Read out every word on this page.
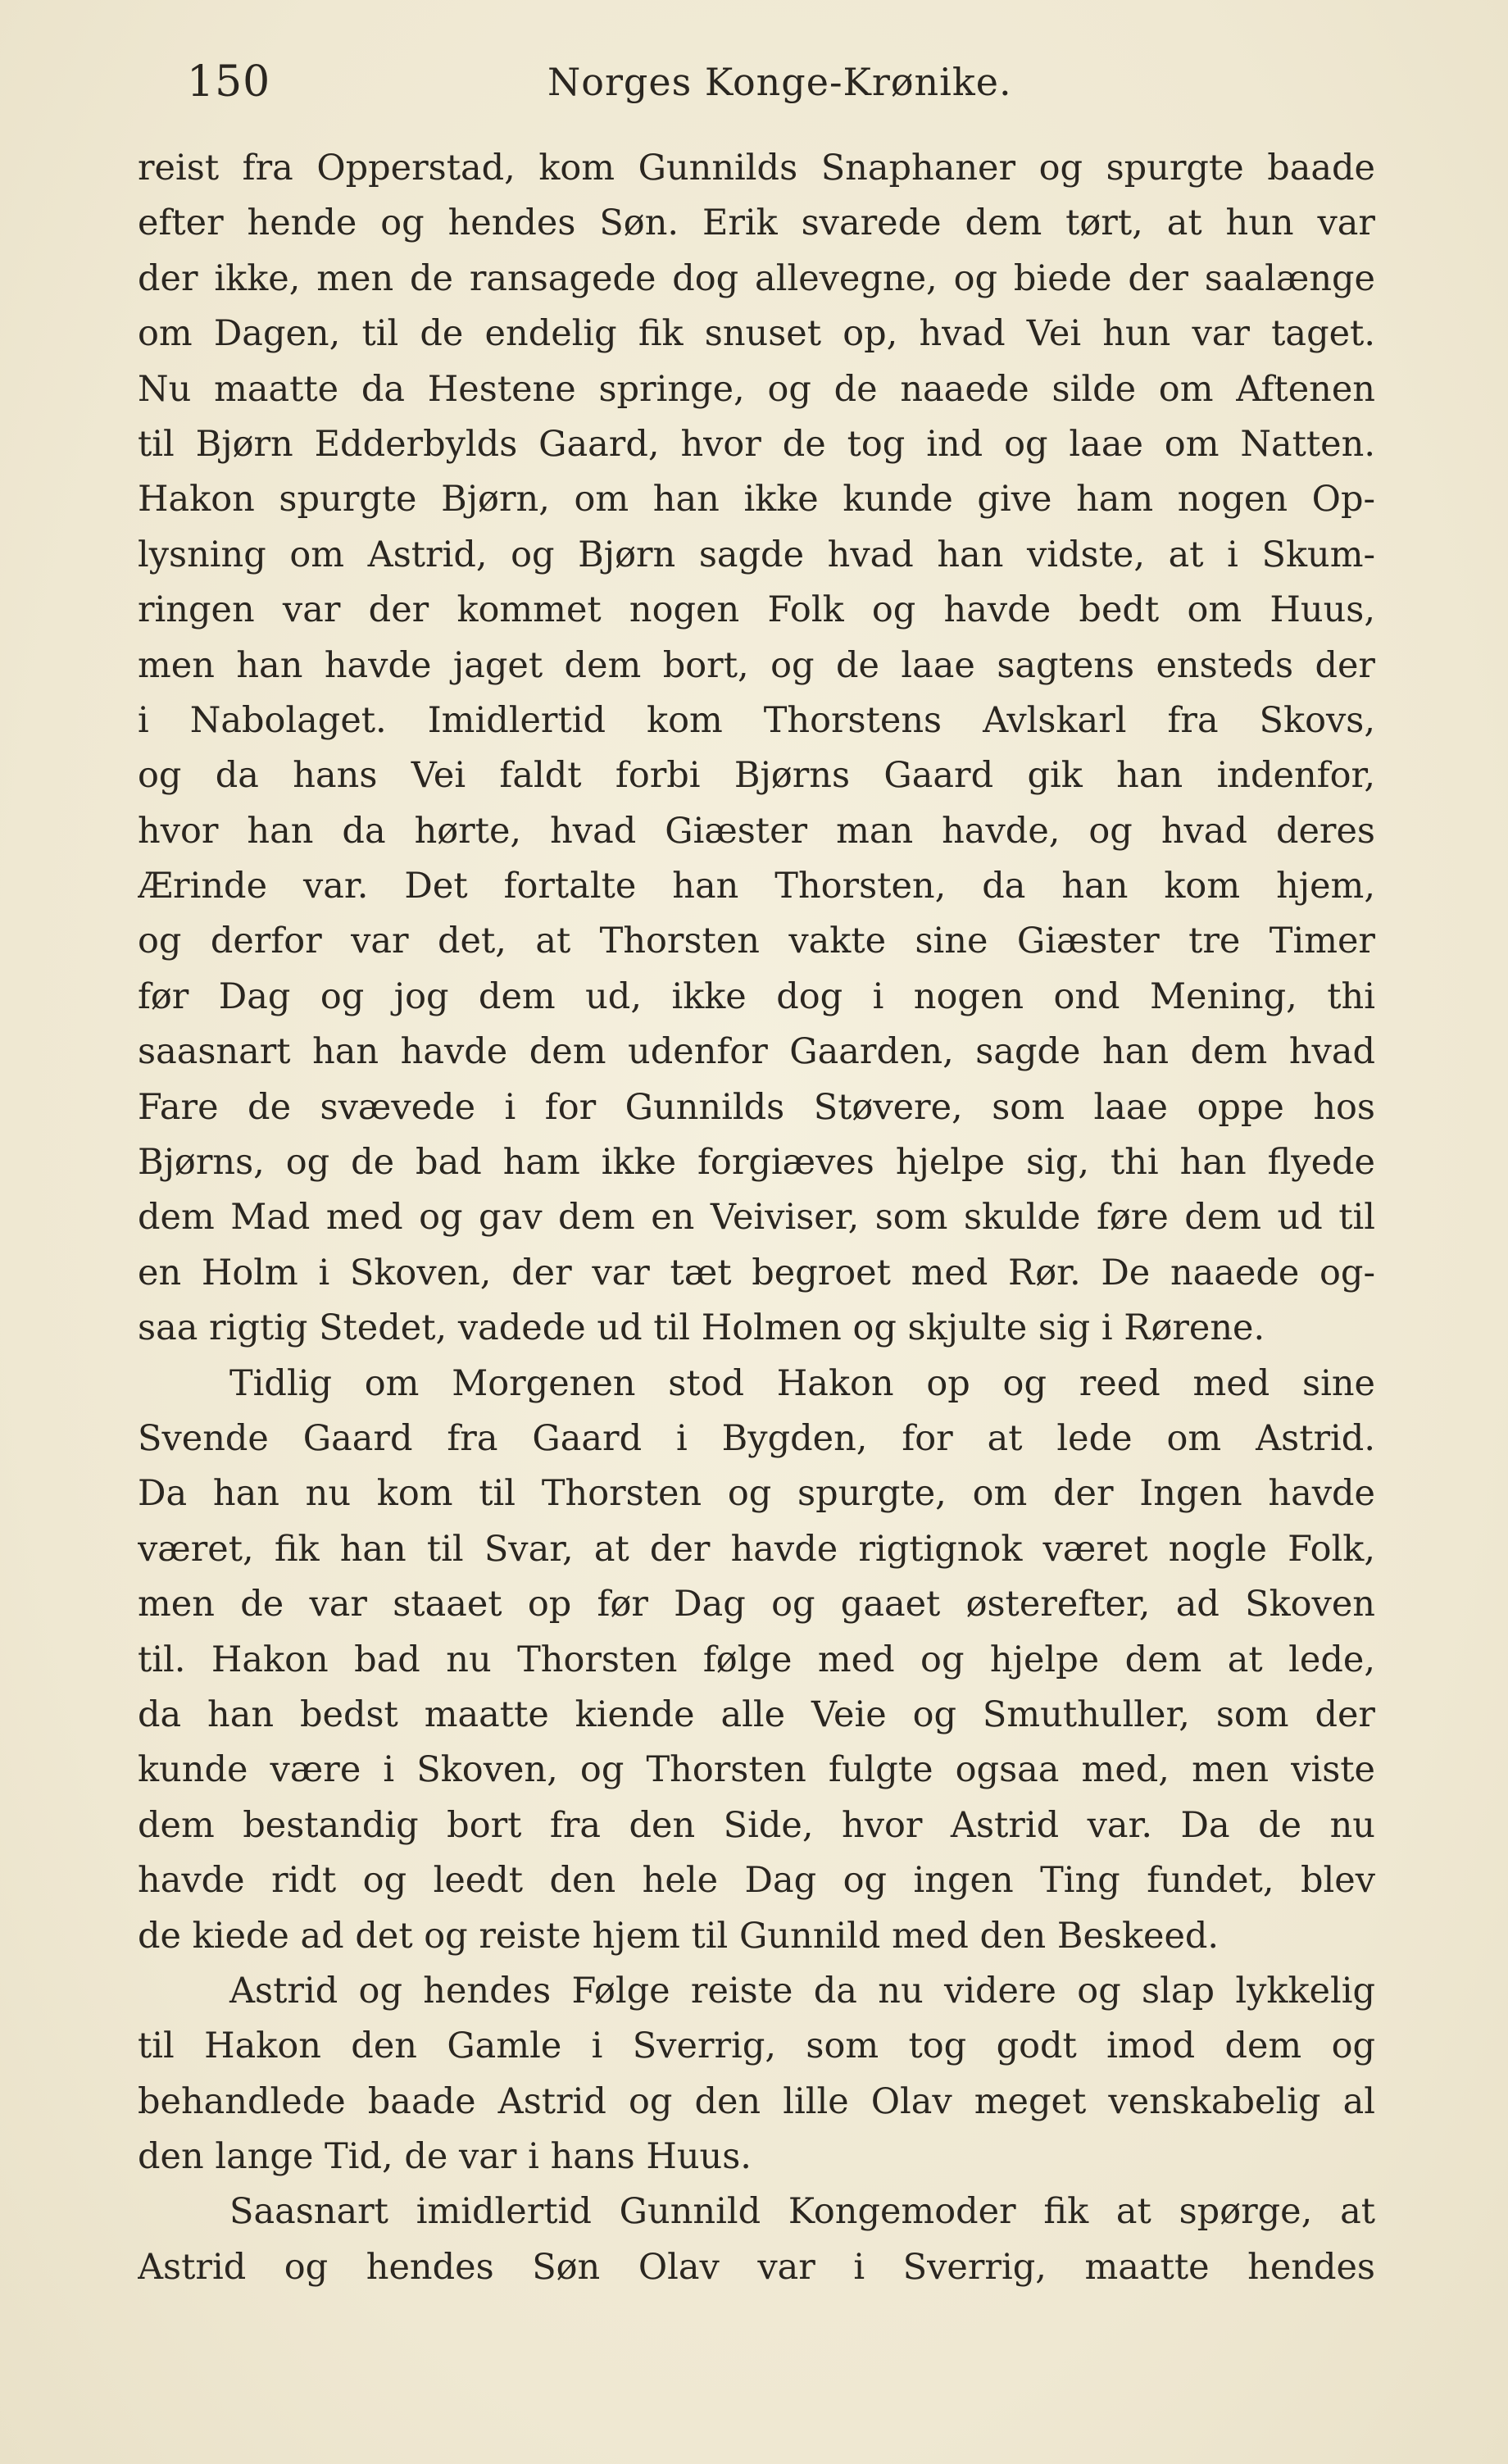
150	Norges Konge-Krønike.
reist fra Opperstad, kom Gunnilds Snaphaner og spurgte baade
efter hende og hendes Søn. Erik svarede dem tørt, at hun var
der ikke, men de ransagede dog allevegne, og biede der saalænge
om Dagen, til de endelig fik snuset op, hvad Vei hun var taget.
Nu maatte da Hestene springe, og de naaede silde om Aftenen
til Bjørn Edderbylds Gaard, hvor de tog ind og laae om Natten.
Hakon spurgte Bjørn, om han ikke kunde give ham nogen Op-
lysning om Astrid, og Bjørn sagde hvad han vidste, at i Skum-
ringen var der kommet nogen Folk og havde bedt om Huus,
men han havde jaget dem bort, og de laae sagtens ensteds der
i Nabolaget. Imidlertid kom Thorstens Avlskarl fra Skovs,
og da hans Vei faldt forbi Bjørns Gaard gik han indenfor,
hvor han da hørte, hvad Giæster man havde, og hvad deres
Ærinde var. Det fortalte han Thorsten, da han kom hjem,
og derfor var det, at Thorsten vakte sine Giæster tre Timer
før Dag og jog dem ud, ikke dog i nogen ond Mening, thi
saasnart han havde dem udenfor Gaarden, sagde han dem hvad
Fare de svævede i for Gunnilds Støvere, som laae oppe hos
Bjørns, og de bad ham ikke forgiæves hjelpe sig, thi han flyede
dem Mad med og gav dem en Veiviser, som skulde føre dem ud til
en Holm i Skoven, der var tæt begroet med Rør. De naaede og-
saa rigtig Stedet, vadede ud til Holmen og skjulte sig i Rørene.
Tidlig om Morgenen stod Hakon op og reed med sine
Svende Gaard fra Gaard i Bygden, for at lede om Astrid.
Da han nu kom til Thorsten og spurgte, om der Ingen havde
været, fik han til Svar, at der havde rigtignok været nogle Folk,
men de var staaet op før Dag og gaaet østerefter, ad Skoven
til. Hakon bad nu Thorsten følge med og hjelpe dem at lede,
da han bedst maatte kiende alle Veie og Smuthuller, som der
kunde være i Skoven, og Thorsten fulgte ogsaa med, men viste
dem bestandig bort fra den Side, hvor Astrid var. Da de nu
havde ridt og leedt den hele Dag og ingen Ting fundet, blev
de kiede ad det og reiste hjem til Gunnild med den Beskeed.
Astrid og hendes Følge reiste da nu videre og slap lykkelig
til Hakon den Gamle i Sverrig, som tog godt imod dem og
behandlede baade Astrid og den lille Olav meget venskabelig al
den lange Tid, de var i hans Huus.
Saasnart imidlertid Gunnild Kongemoder fik at spørge, at
Astrid og hendes Søn Olav var i Sverrig, maatte hendes
